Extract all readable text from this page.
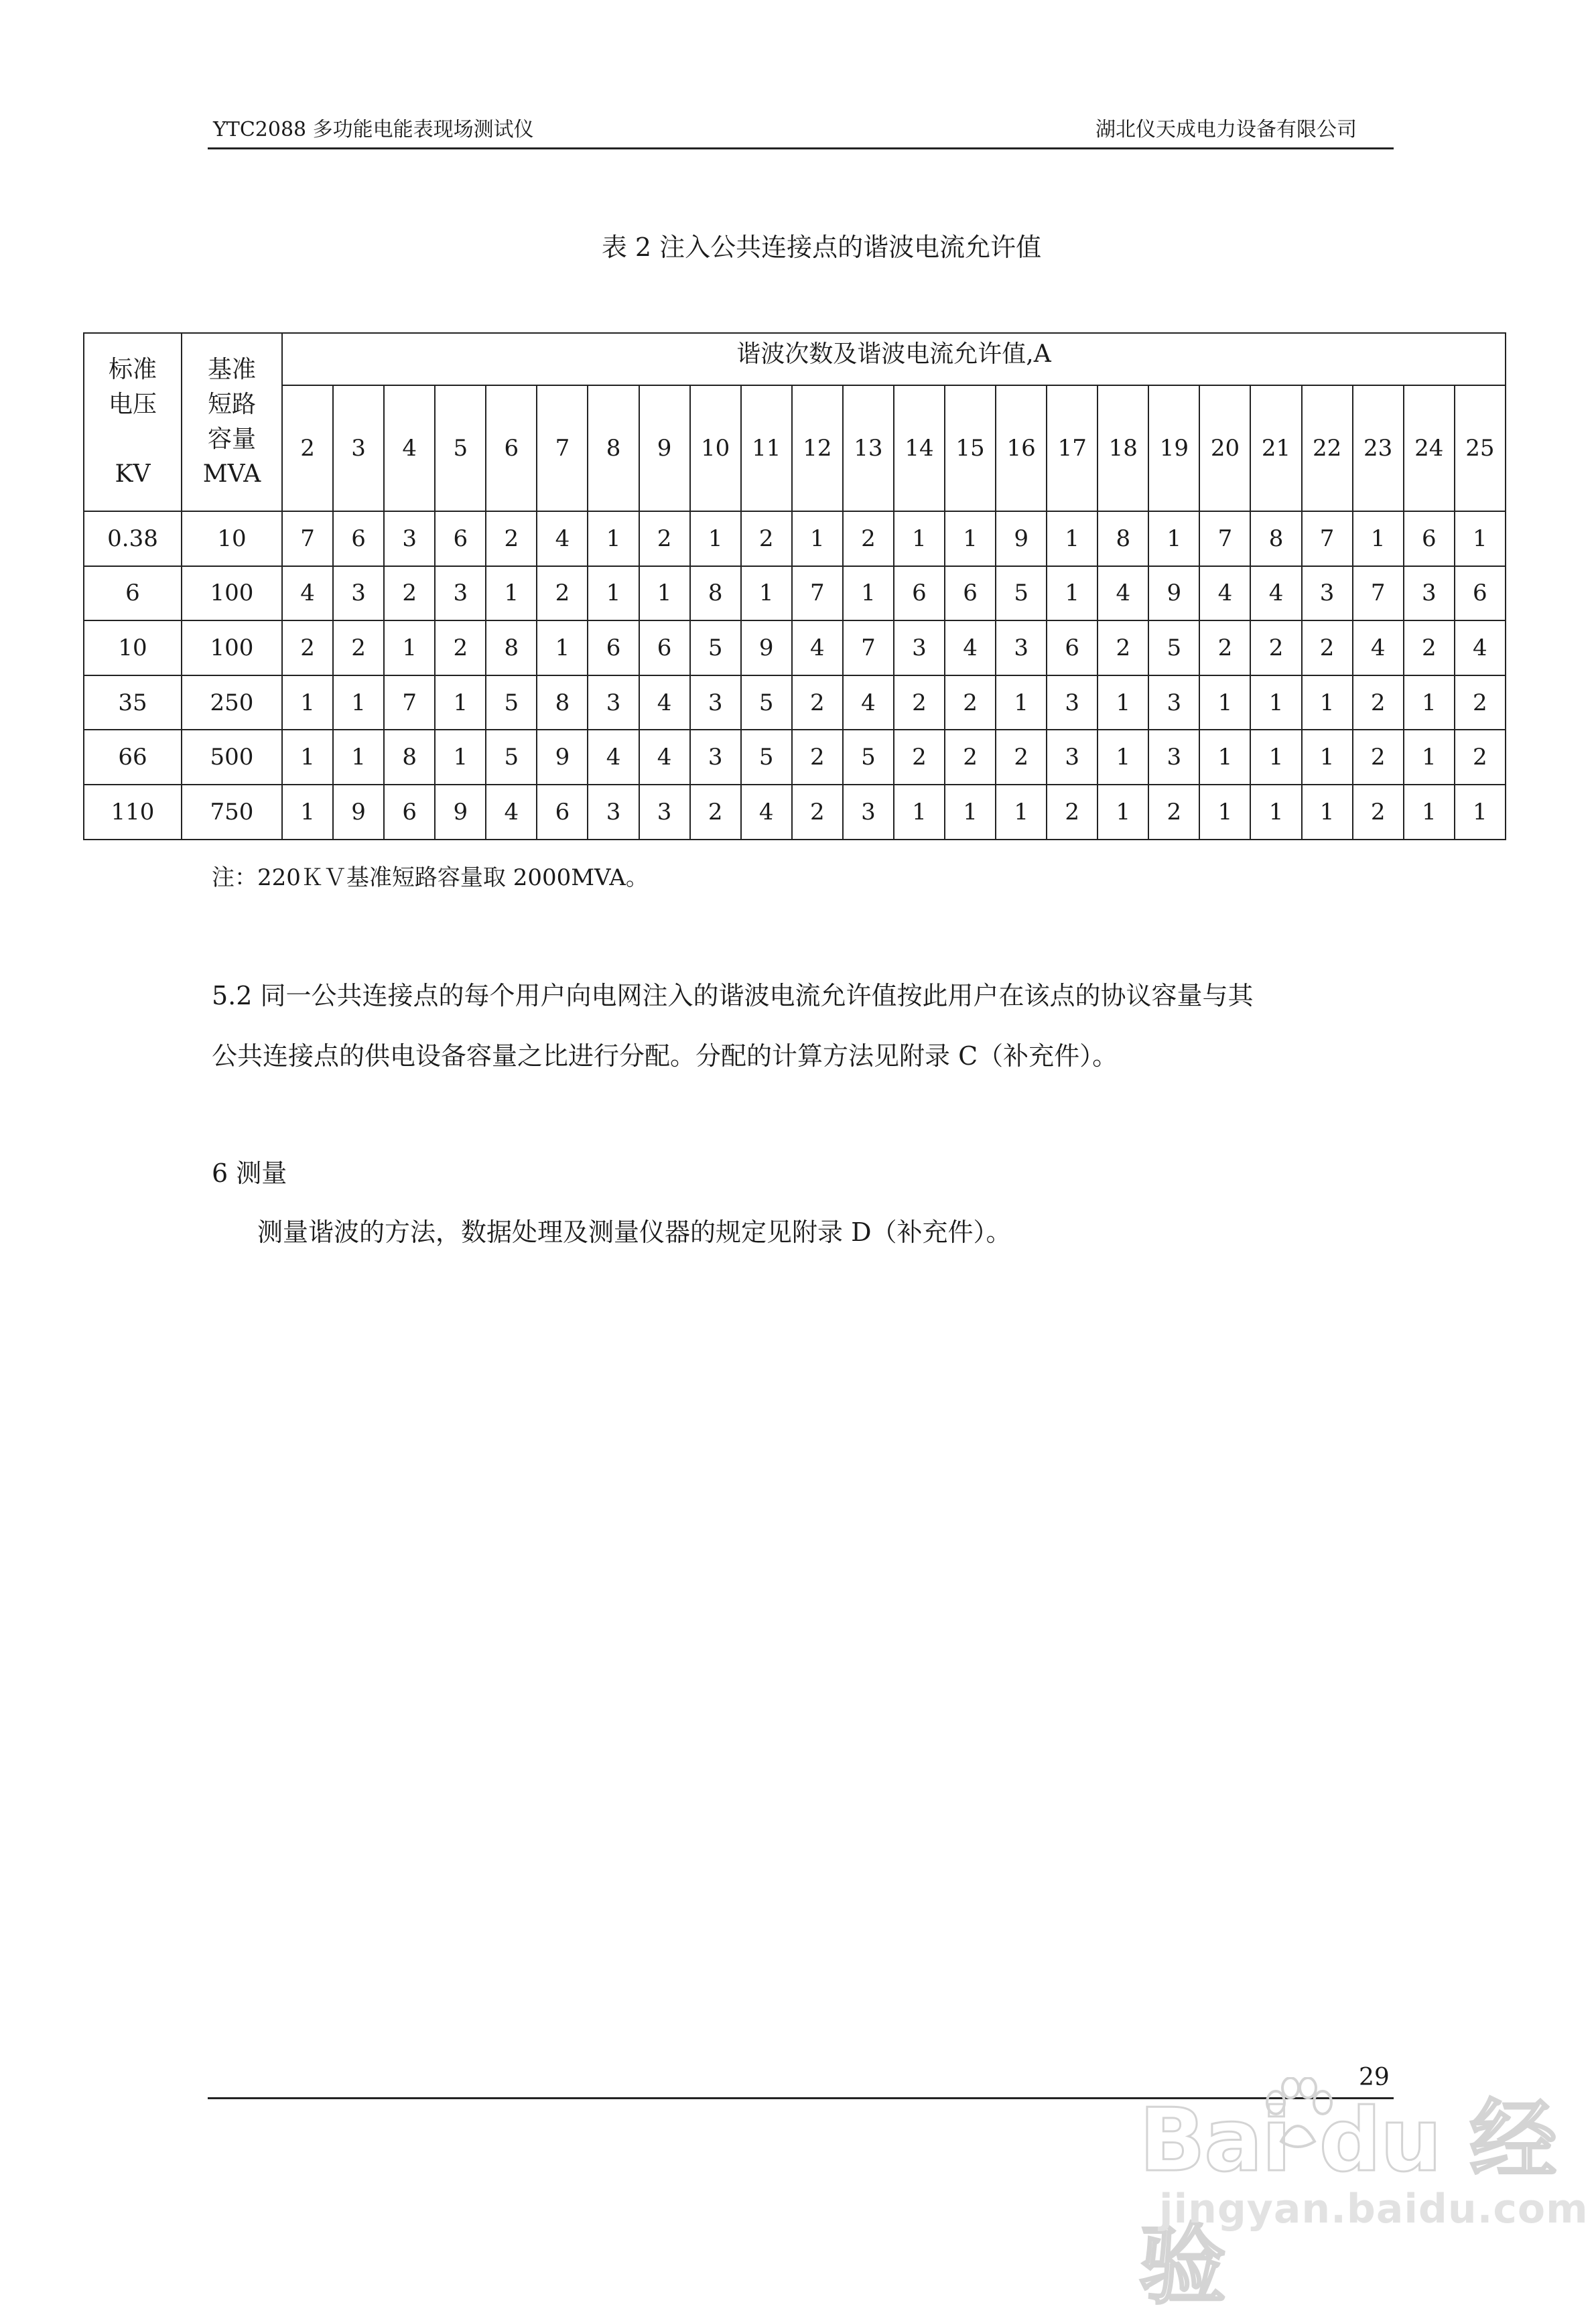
YTC2088 多功能电能表现场测试仪	湖北仪天成电力设备有限公司
表 2 注入公共连接点的谐波电流允许值
标准
电压
KV	基准
短路
容量
MVA	谐波次数及谐波电流允许值,A																							
		2	3	4	5	6	7	8	9	10	11	12	13	14	15	16	17	18	19	20	21	22	23	24	25
0.38	10	7	6	3	6	2	4	1	2	1	2	1	2	1	1	9	1	8	1	7	8	7	1	6	1
6	100	4	3	2	3	1	2	1	1	8	1	7	1	6	6	5	1	4	9	4	4	3	7	3	6
10	100	2	2	1	2	8	1	6	6	5	9	4	7	3	4	3	6	2	5	2	2	2	4	2	4
35	250	1	1	7	1	5	8	3	4	3	5	2	4	2	2	1	3	1	3	1	1	1	2	1	2
66	500	1	1	8	1	5	9	4	4	3	5	2	5	2	2	2	3	1	3	1	1	1	2	1	2
110	750	1	9	6	9	4	6	3	3	2	4	2	3	1	1	1	2	1	2	1	1	1	2	1	1
注：220ＫＶ基准短路容量取 2000MVA。
5.2 同一公共连接点的每个用户向电网注入的谐波电流允许值按此用户在该点的协议容量与其
公共连接点的供电设备容量之比进行分配。分配的计算方法见附录 C（补充件）。
6 测量
测量谐波的方法，数据处理及测量仪器的规定见附录 D（补充件）。
29
Bai du 经验
jingyan.baidu.com
